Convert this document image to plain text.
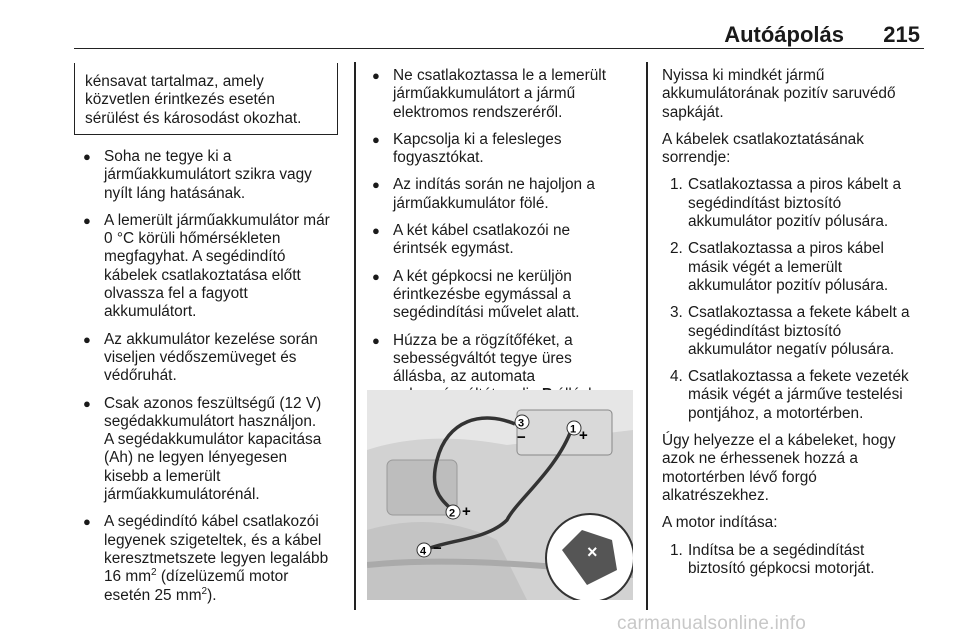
Autóápolás 215
kénsavat tartalmaz, amely
közvetlen érintkezés esetén
sérülést és károsodást okozhat.
● Soha ne tegye ki a
járműakkumulátort szikra vagy
nyílt láng hatásának.
● A lemerült járműakkumulátor már
0 °C körüli hőmérsékleten
megfagyhat. A segédindító
kábelek csatlakoztatása előtt
olvassza fel a fagyott
akkumulátort.
● Az akkumulátor kezelése során
viseljen védőszemüveget és
védőruhát.
● Csak azonos feszültségű (12 V)
segédakkumulátort használjon.
A segédakkumulátor kapacitása
(Ah) ne legyen lényegesen
kisebb a lemerült
járműakkumulátorénál.
● A segédindító kábel csatlakozói
legyenek szigeteltek, és a kábel
keresztmetszete legyen legalább
16 $mm^2$ (dízelüzemű motor
esetén 25 $mm^2$).
● Ne csatlakoztassa le a lemerült
járműakkumulátort a jármű
elektromos rendszeréről.
● Kapcsolja ki a felesleges
fogyasztókat.
● Az indítás során ne hajoljon a
járműakkumulátor fölé.
● A két kábel csatlakozói ne
érintsék egymást.
● A két gépkocsi ne kerüljön
érintkezésbe egymással a
segédindítási művelet alatt.
● Húzza be a rögzítőféket, a
sebességváltót tegye üres
állásba, az automata
×
1 +
2 +
3
−
4 −

Nyissa ki mindkét jármű
akkumulátorának pozitív saruvédő
sapkáját.

A kábelek csatlakoztatásának
sorrendje:

1. Csatlakoztassa a piros kábelt a
segédindítást biztosító
akkumulátor pozitív pólusára.
2. Csatlakoztassa a piros kábel
másik végét a lemerült
akkumulátor pozitív pólusára.
3. Csatlakoztassa a fekete kábelt a
segédindítást biztosító
akkumulátor negatív pólusára.
4. Csatlakoztassa a fekete vezeték
másik végét a jármű​ve testelési
pontjához, a motortérben.

Úgy helyezze el a kábeleket, hogy
azok ne érhessenek hozzá a
motortérben lévő forgó
alkatrészekhez.

A motor indítása:

1. Indítsa be a segédindítást
biztosító gépkocsi motorját.
carmanualsonline.info
